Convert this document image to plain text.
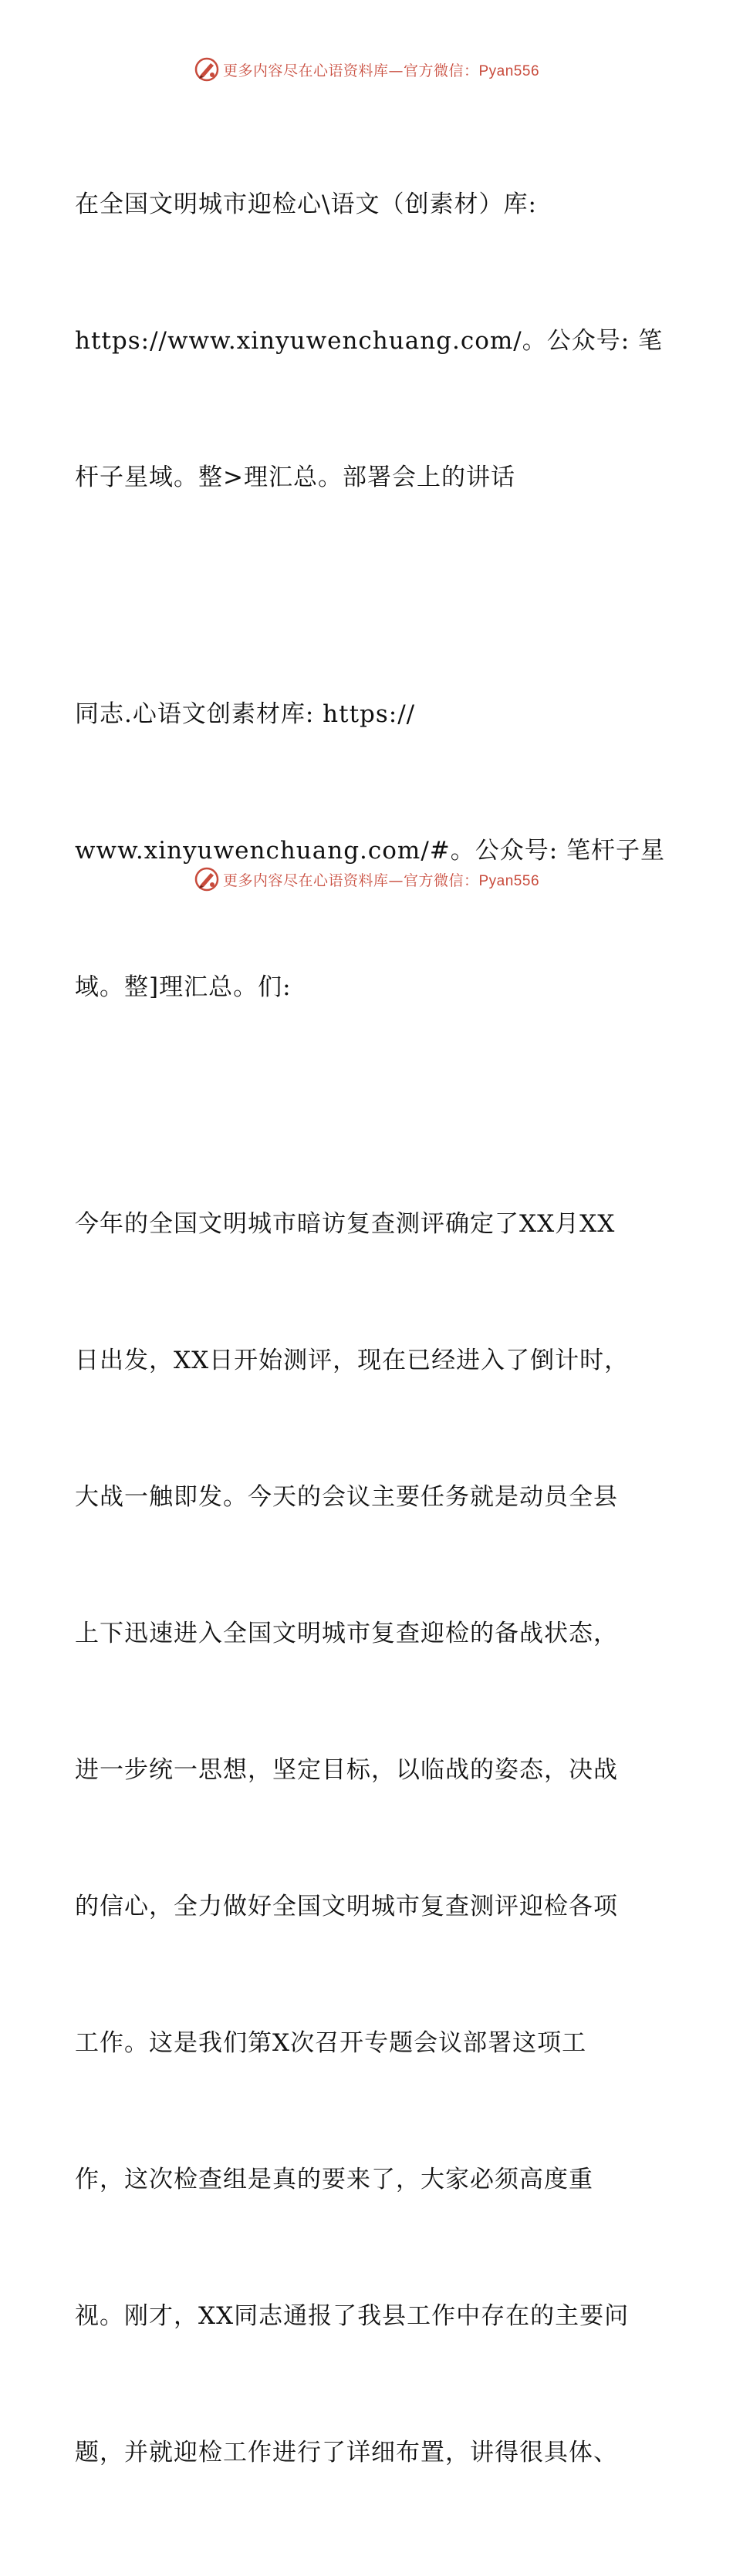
更多内容尽在心语资料库—官方微信：Pyan556

在全国文明城市迎检心\语文（创素材）库:

https://www.xinyuwenchuang.com/。公众号: 笔

杆子星域。整>理汇总。部署会上的讲话

同志.心语文创素材库: https://

www.xinyuwenchuang.com/#。公众号: 笔杆子星

域。整]理汇总。们:

今年的全国文明城市暗访复查测评确定了XX月XX

日出发，XX日开始测评，现在已经进入了倒计时，

大战一触即发。今天的会议主要任务就是动员全县

上下迅速进入全国文明城市复查迎检的备战状态，

进一步统一思想，坚定目标，以临战的姿态，决战

的信心，全力做好全国文明城市复查测评迎检各项

工作。这是我们第X次召开专题会议部署这项工

作，这次检查组是真的要来了，大家必须高度重

视。刚才，XX同志通报了我县工作中存在的主要问

题，并就迎检工作进行了详细布置，讲得很具体、

更多内容尽在心语资料库—官方微信：Pyan556
